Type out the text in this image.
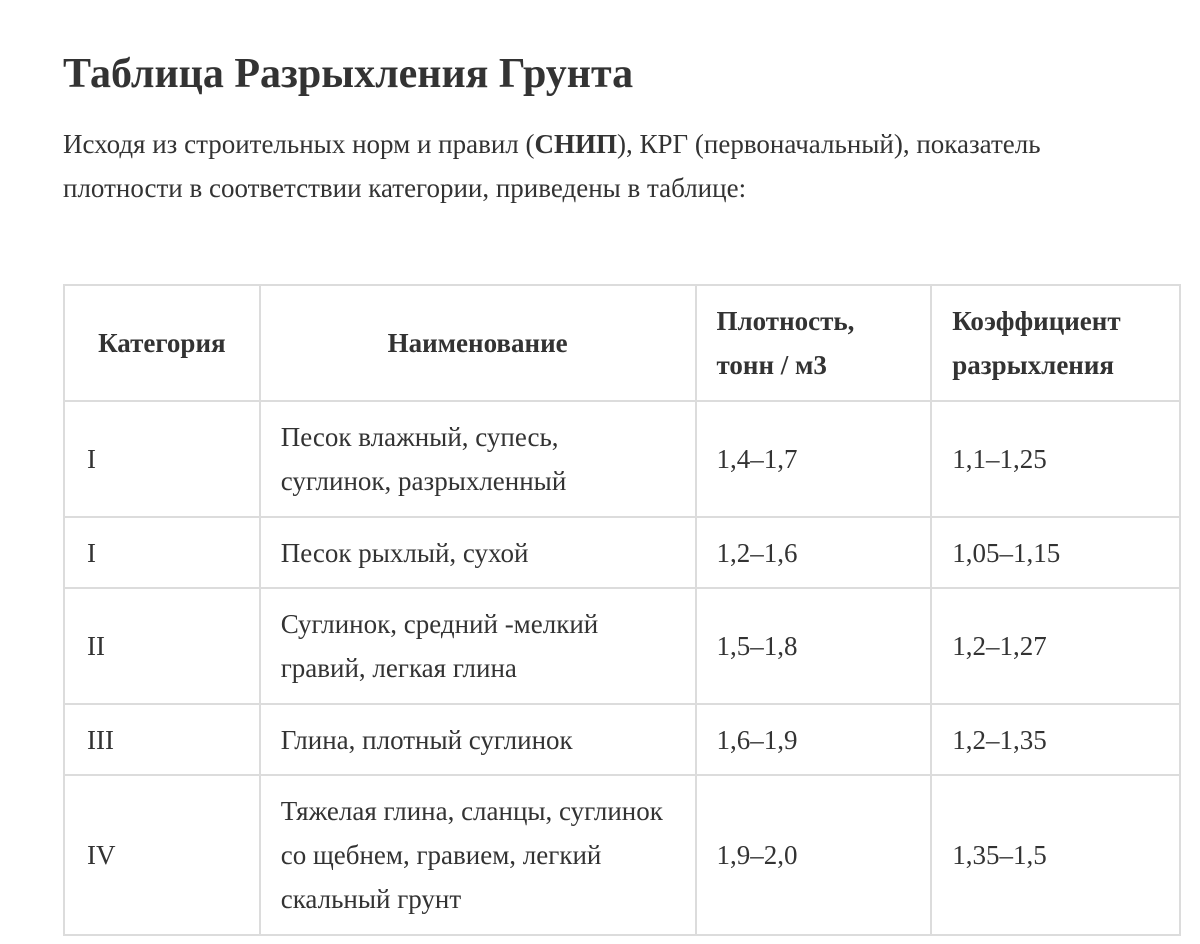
Таблица Разрыхления Грунта

Исходя из строительных норм и правил (СНИП), КРГ (первоначальный), показатель плотности в соответствии категории, приведены в таблице:

Категория	Наименование	Плотность, тонн / м3	Коэффициент разрыхления
I	Песок влажный, супесь, суглинок, разрыхленный	1,4–1,7	1,1–1,25
I	Песок рыхлый, сухой	1,2–1,6	1,05–1,15
II	Суглинок, средний -мелкий гравий, легкая глина	1,5–1,8	1,2–1,27
III	Глина, плотный суглинок	1,6–1,9	1,2–1,35
IV	Тяжелая глина, сланцы, суглинок со щебнем, гравием, легкий скальный грунт	1,9–2,0	1,35–1,5
